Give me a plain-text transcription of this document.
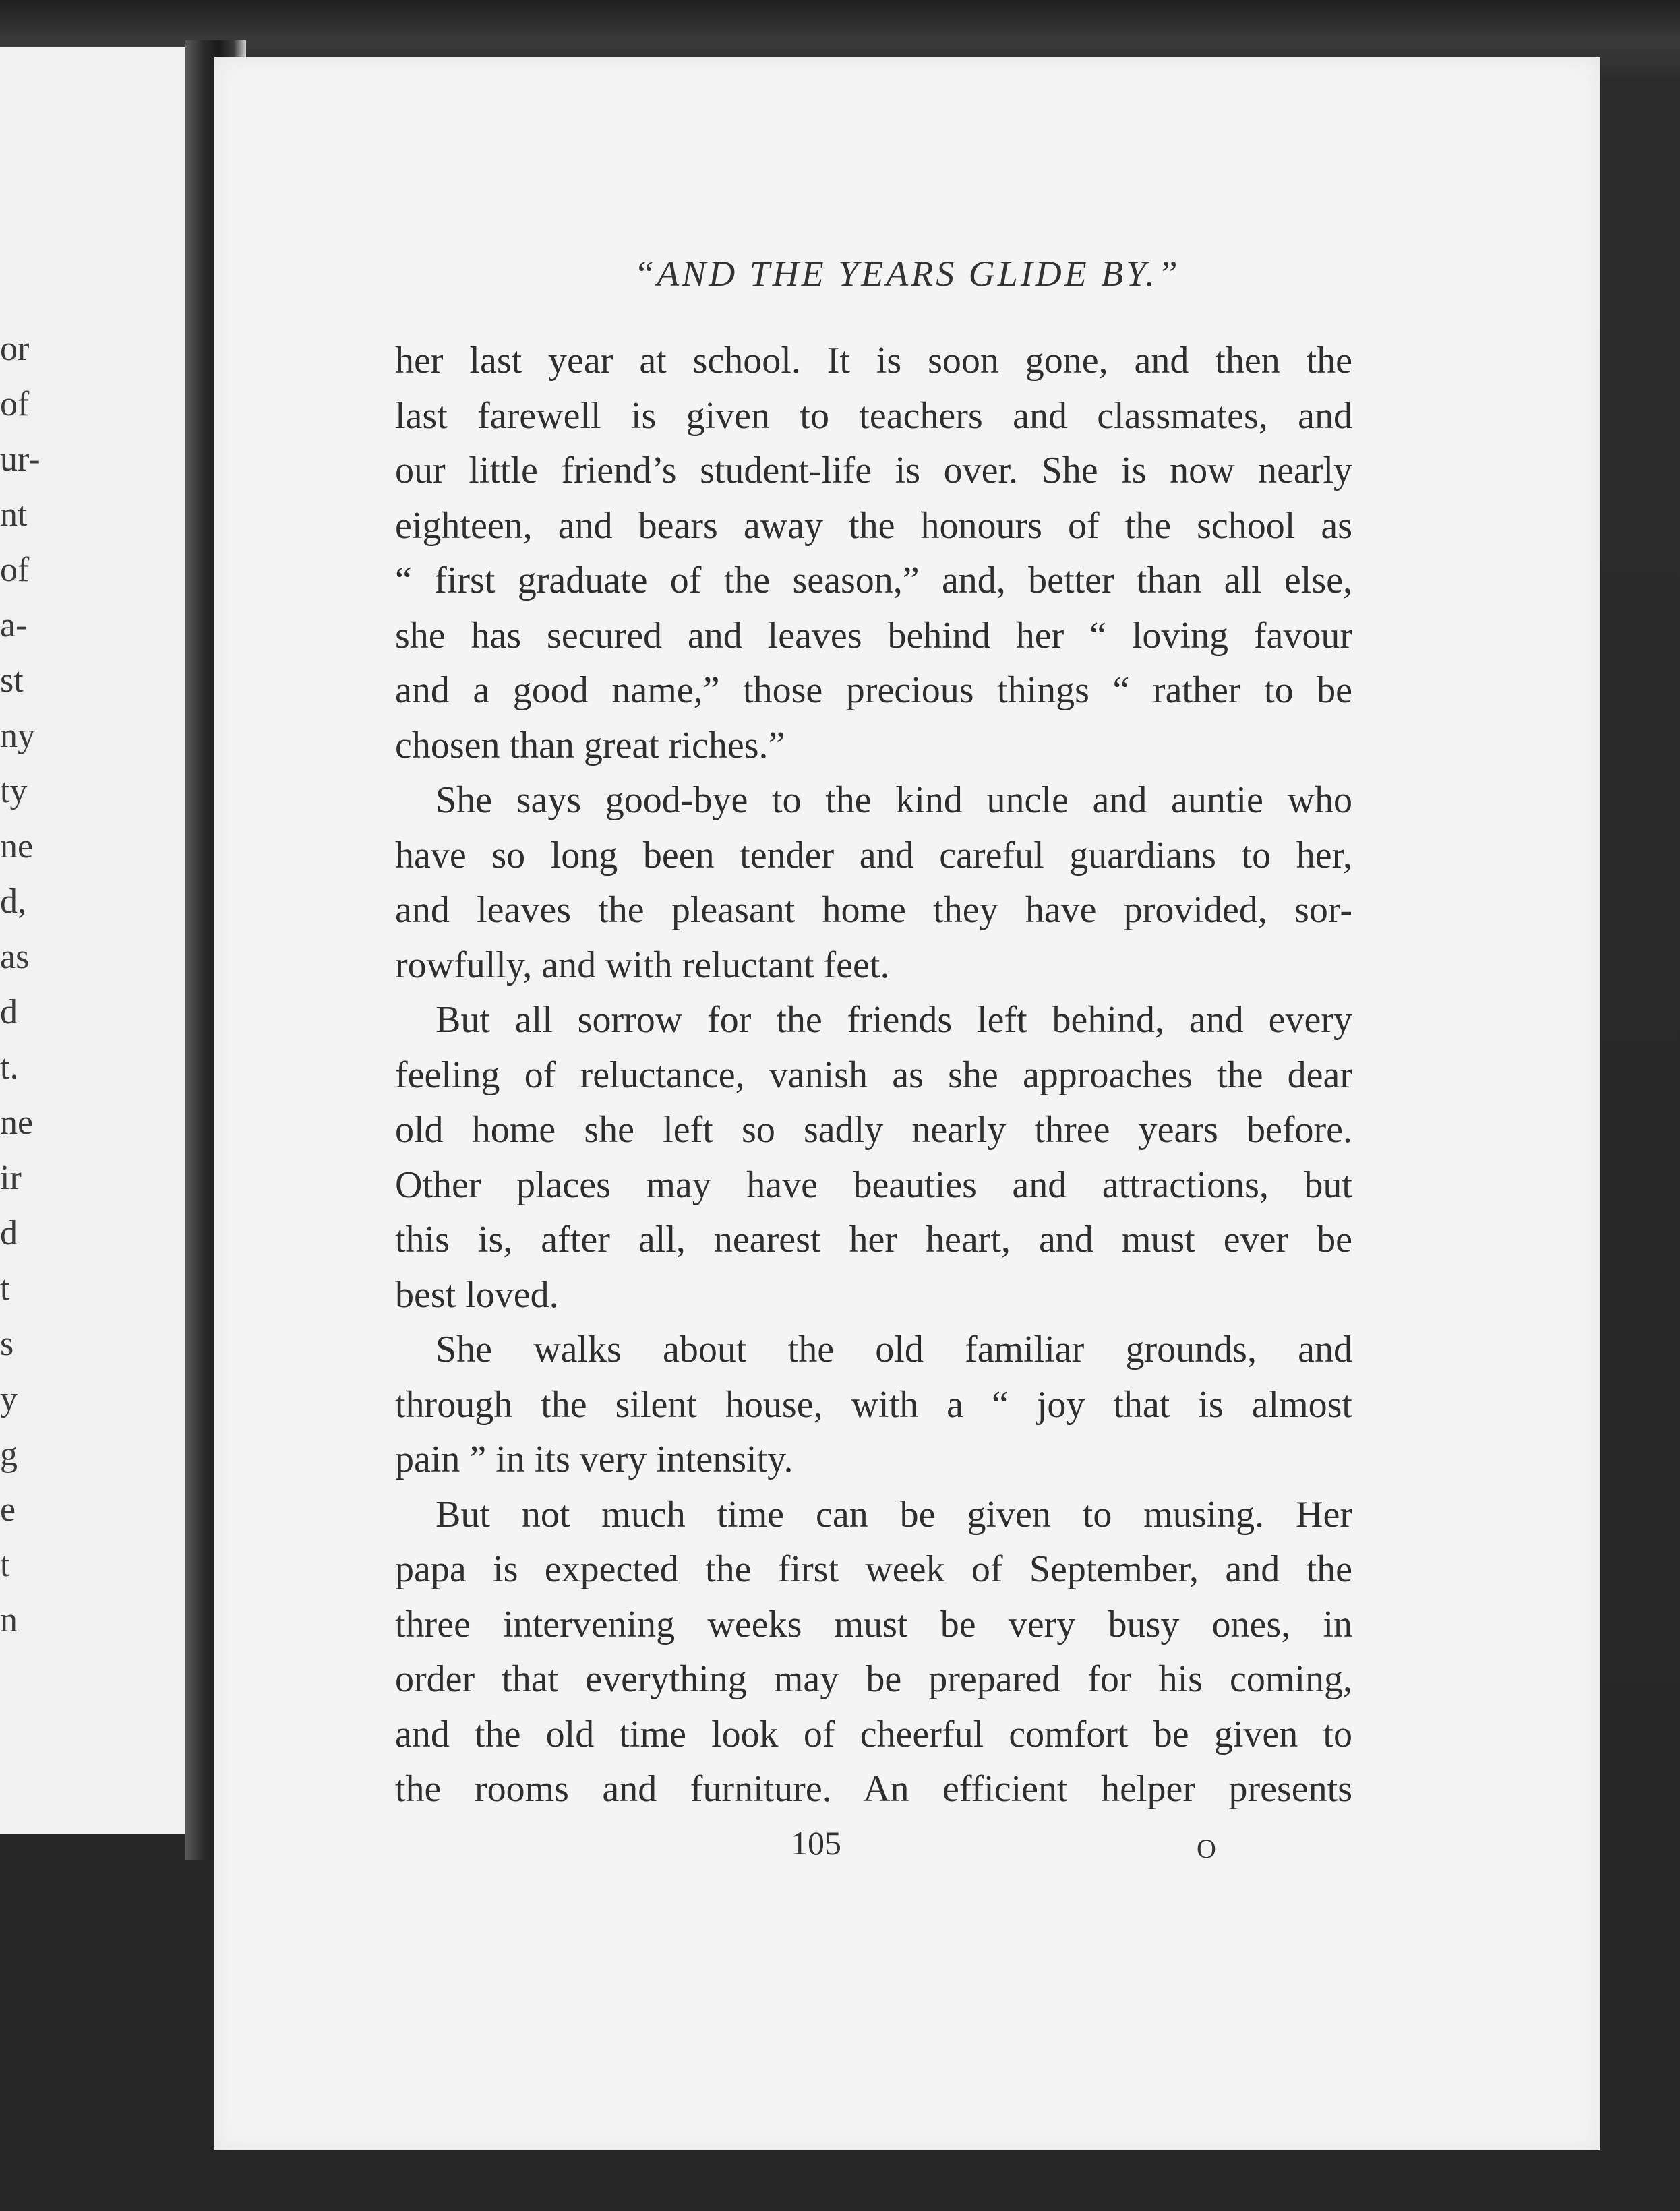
or
of
ur-
nt
of
a-
st
ny
ty
ne
d,
as
d
t.
ne
ir
d
t
s
y
g
e
t
n
“AND THE YEARS GLIDE BY.”
her last year at school. It is soon gone, and then the
last farewell is given to teachers and classmates, and
our little friend’s student-life is over. She is now nearly
eighteen, and bears away the honours of the school as
“ first graduate of the season,” and, better than all else,
she has secured and leaves behind her “ loving favour
and a good name,” those precious things “ rather to be
chosen than great riches.”
She says good-bye to the kind uncle and auntie who
have so long been tender and careful guardians to her,
and leaves the pleasant home they have provided, sor-
rowfully, and with reluctant feet.
But all sorrow for the friends left behind, and every
feeling of reluctance, vanish as she approaches the dear
old home she left so sadly nearly three years before.
Other places may have beauties and attractions, but
this is, after all, nearest her heart, and must ever be
best loved.
She walks about the old familiar grounds, and
through the silent house, with a “ joy that is almost
pain ” in its very intensity.
But not much time can be given to musing. Her
papa is expected the first week of September, and the
three intervening weeks must be very busy ones, in
order that everything may be prepared for his coming,
and the old time look of cheerful comfort be given to
the rooms and furniture. An efficient helper presents
105	O
